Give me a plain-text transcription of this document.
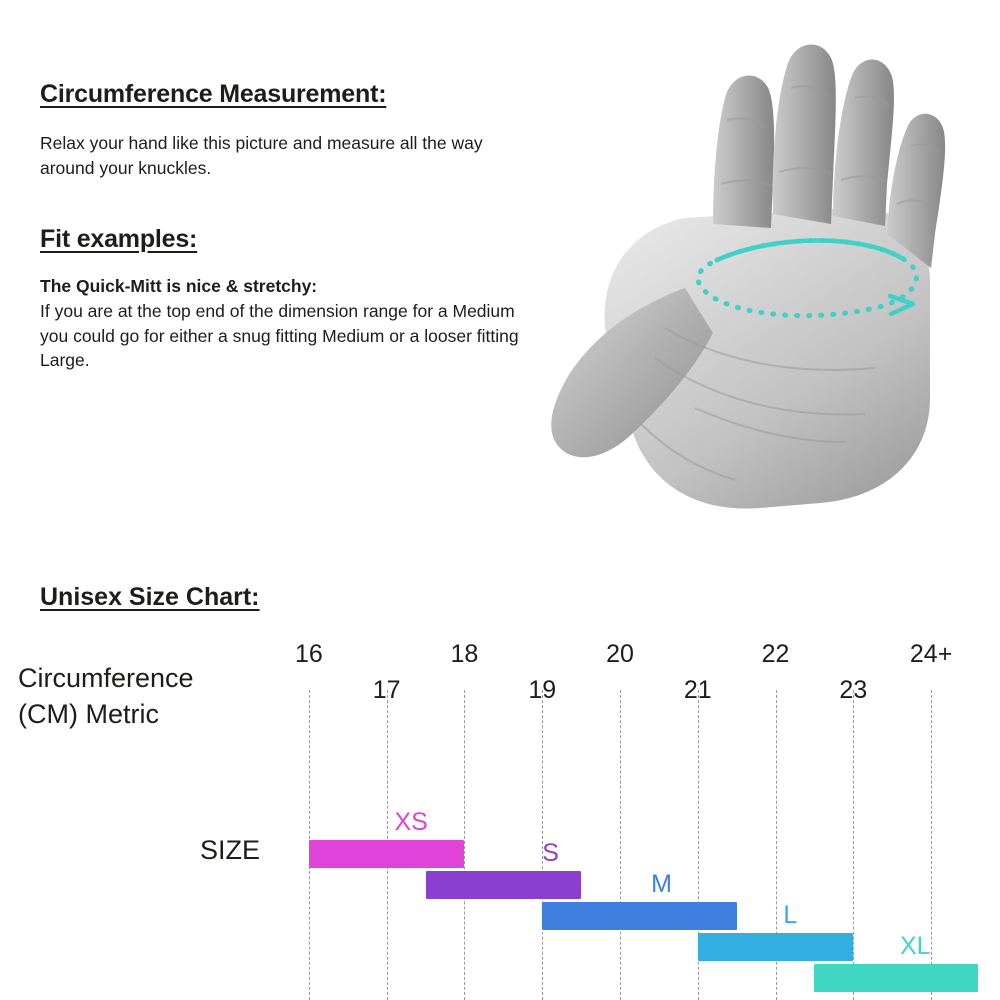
Circumference Measurement:

Relax your hand like this picture and measure all the way around your knuckles.

Fit examples:

The Quick-Mitt is nice & stretchy:

If you are at the top end of the dimension range for a Medium you could go for either a snug fitting Medium or a looser fitting Large.

Unisex Size Chart:
Circumference (CM) Metric
SIZE
16
17
18
19
20
21
22
23
24+
XS
S
M
L
XL
